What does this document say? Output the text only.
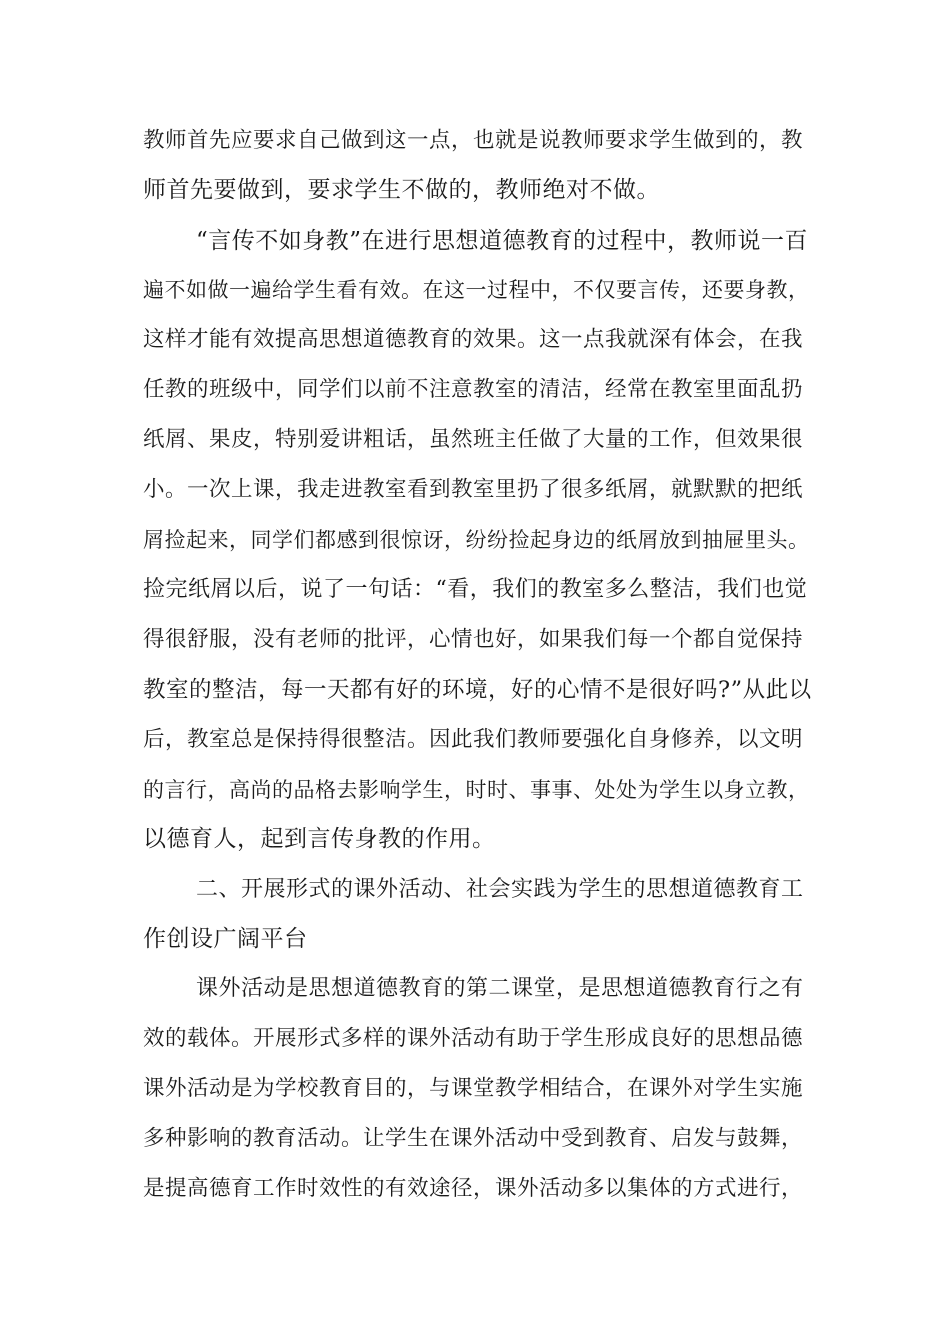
教师首先应要求自己做到这一点，也就是说教师要求学生做到的，教
师首先要做到，要求学生不做的，教师绝对不做。
“言传不如身教”在进行思想道德教育的过程中，教师说一百
遍不如做一遍给学生看有效。在这一过程中，不仅要言传，还要身教，
这样才能有效提高思想道德教育的效果。这一点我就深有体会，在我
任教的班级中，同学们以前不注意教室的清洁，经常在教室里面乱扔
纸屑、果皮，特别爱讲粗话，虽然班主任做了大量的工作，但效果很
小。一次上课，我走进教室看到教室里扔了很多纸屑，就默默的把纸
屑捡起来，同学们都感到很惊讶，纷纷捡起身边的纸屑放到抽屉里头。
捡完纸屑以后，说了一句话：“看，我们的教室多么整洁，我们也觉
得很舒服，没有老师的批评，心情也好，如果我们每一个都自觉保持
教室的整洁，每一天都有好的环境，好的心情不是很好吗?”从此以
后，教室总是保持得很整洁。因此我们教师要强化自身修养，以文明
的言行，高尚的品格去影响学生，时时、事事、处处为学生以身立教，
以德育人，起到言传身教的作用。
二、开展形式的课外活动、社会实践为学生的思想道德教育工
作创设广阔平台
课外活动是思想道德教育的第二课堂，是思想道德教育行之有
效的载体。开展形式多样的课外活动有助于学生形成良好的思想品德
课外活动是为学校教育目的，与课堂教学相结合，在课外对学生实施
多种影响的教育活动。让学生在课外活动中受到教育、启发与鼓舞，
是提高德育工作时效性的有效途径，课外活动多以集体的方式进行，
